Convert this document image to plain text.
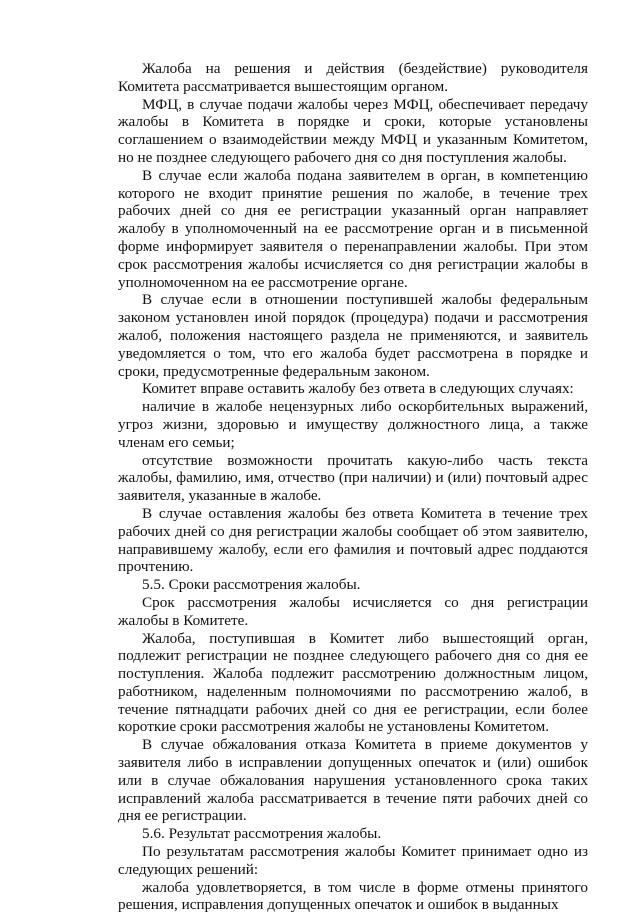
Жалоба на решения и действия (бездействие) руководителя Комитета рассматривается вышестоящим органом.

МФЦ, в случае подачи жалобы через МФЦ, обеспечивает передачу жалобы в Комитета в порядке и сроки, которые установлены соглашением о взаимодействии между МФЦ и указанным Комитетом, но не позднее следующего рабочего дня со дня поступления жалобы.

В случае если жалоба подана заявителем в орган, в компетенцию которого не входит принятие решения по жалобе, в течение трех рабочих дней со дня ее регистрации указанный орган направляет жалобу в уполномоченный на ее рассмотрение орган и в письменной форме информирует заявителя о перенаправлении жалобы. При этом срок рассмотрения жалобы исчисляется со дня регистрации жалобы в уполномоченном на ее рассмотрение органе.

В случае если в отношении поступившей жалобы федеральным законом установлен иной порядок (процедура) подачи и рассмотрения жалоб, положения настоящего раздела не применяются, и заявитель уведомляется о том, что его жалоба будет рассмотрена в порядке и сроки, предусмотренные федеральным законом.

Комитет вправе оставить жалобу без ответа в следующих случаях:

наличие в жалобе нецензурных либо оскорбительных выражений, угроз жизни, здоровью и имуществу должностного лица, а также членам его семьи;

отсутствие возможности прочитать какую-либо часть текста жалобы, фамилию, имя, отчество (при наличии) и (или) почтовый адрес заявителя, указанные в жалобе.

В случае оставления жалобы без ответа Комитета в течение трех рабочих дней со дня регистрации жалобы сообщает об этом заявителю, направившему жалобу, если его фамилия и почтовый адрес поддаются прочтению.

5.5. Сроки рассмотрения жалобы.

Срок рассмотрения жалобы исчисляется со дня регистрации жалобы в Комитете.

Жалоба, поступившая в Комитет либо вышестоящий орган, подлежит регистрации не позднее следующего рабочего дня со дня ее поступления. Жалоба подлежит рассмотрению должностным лицом, работником, наделенным полномочиями по рассмотрению жалоб, в течение пятнадцати рабочих дней со дня ее регистрации, если более короткие сроки рассмотрения жалобы не установлены Комитетом.

В случае обжалования отказа Комитета в приеме документов у заявителя либо в исправлении допущенных опечаток и (или) ошибок или в случае обжалования нарушения установленного срока таких исправлений жалоба рассматривается в течение пяти рабочих дней со дня ее регистрации.

5.6. Результат рассмотрения жалобы.

По результатам рассмотрения жалобы Комитет принимает одно из следующих решений:

жалоба удовлетворяется, в том числе в форме отмены принятого решения, исправления допущенных опечаток и ошибок в выданных
